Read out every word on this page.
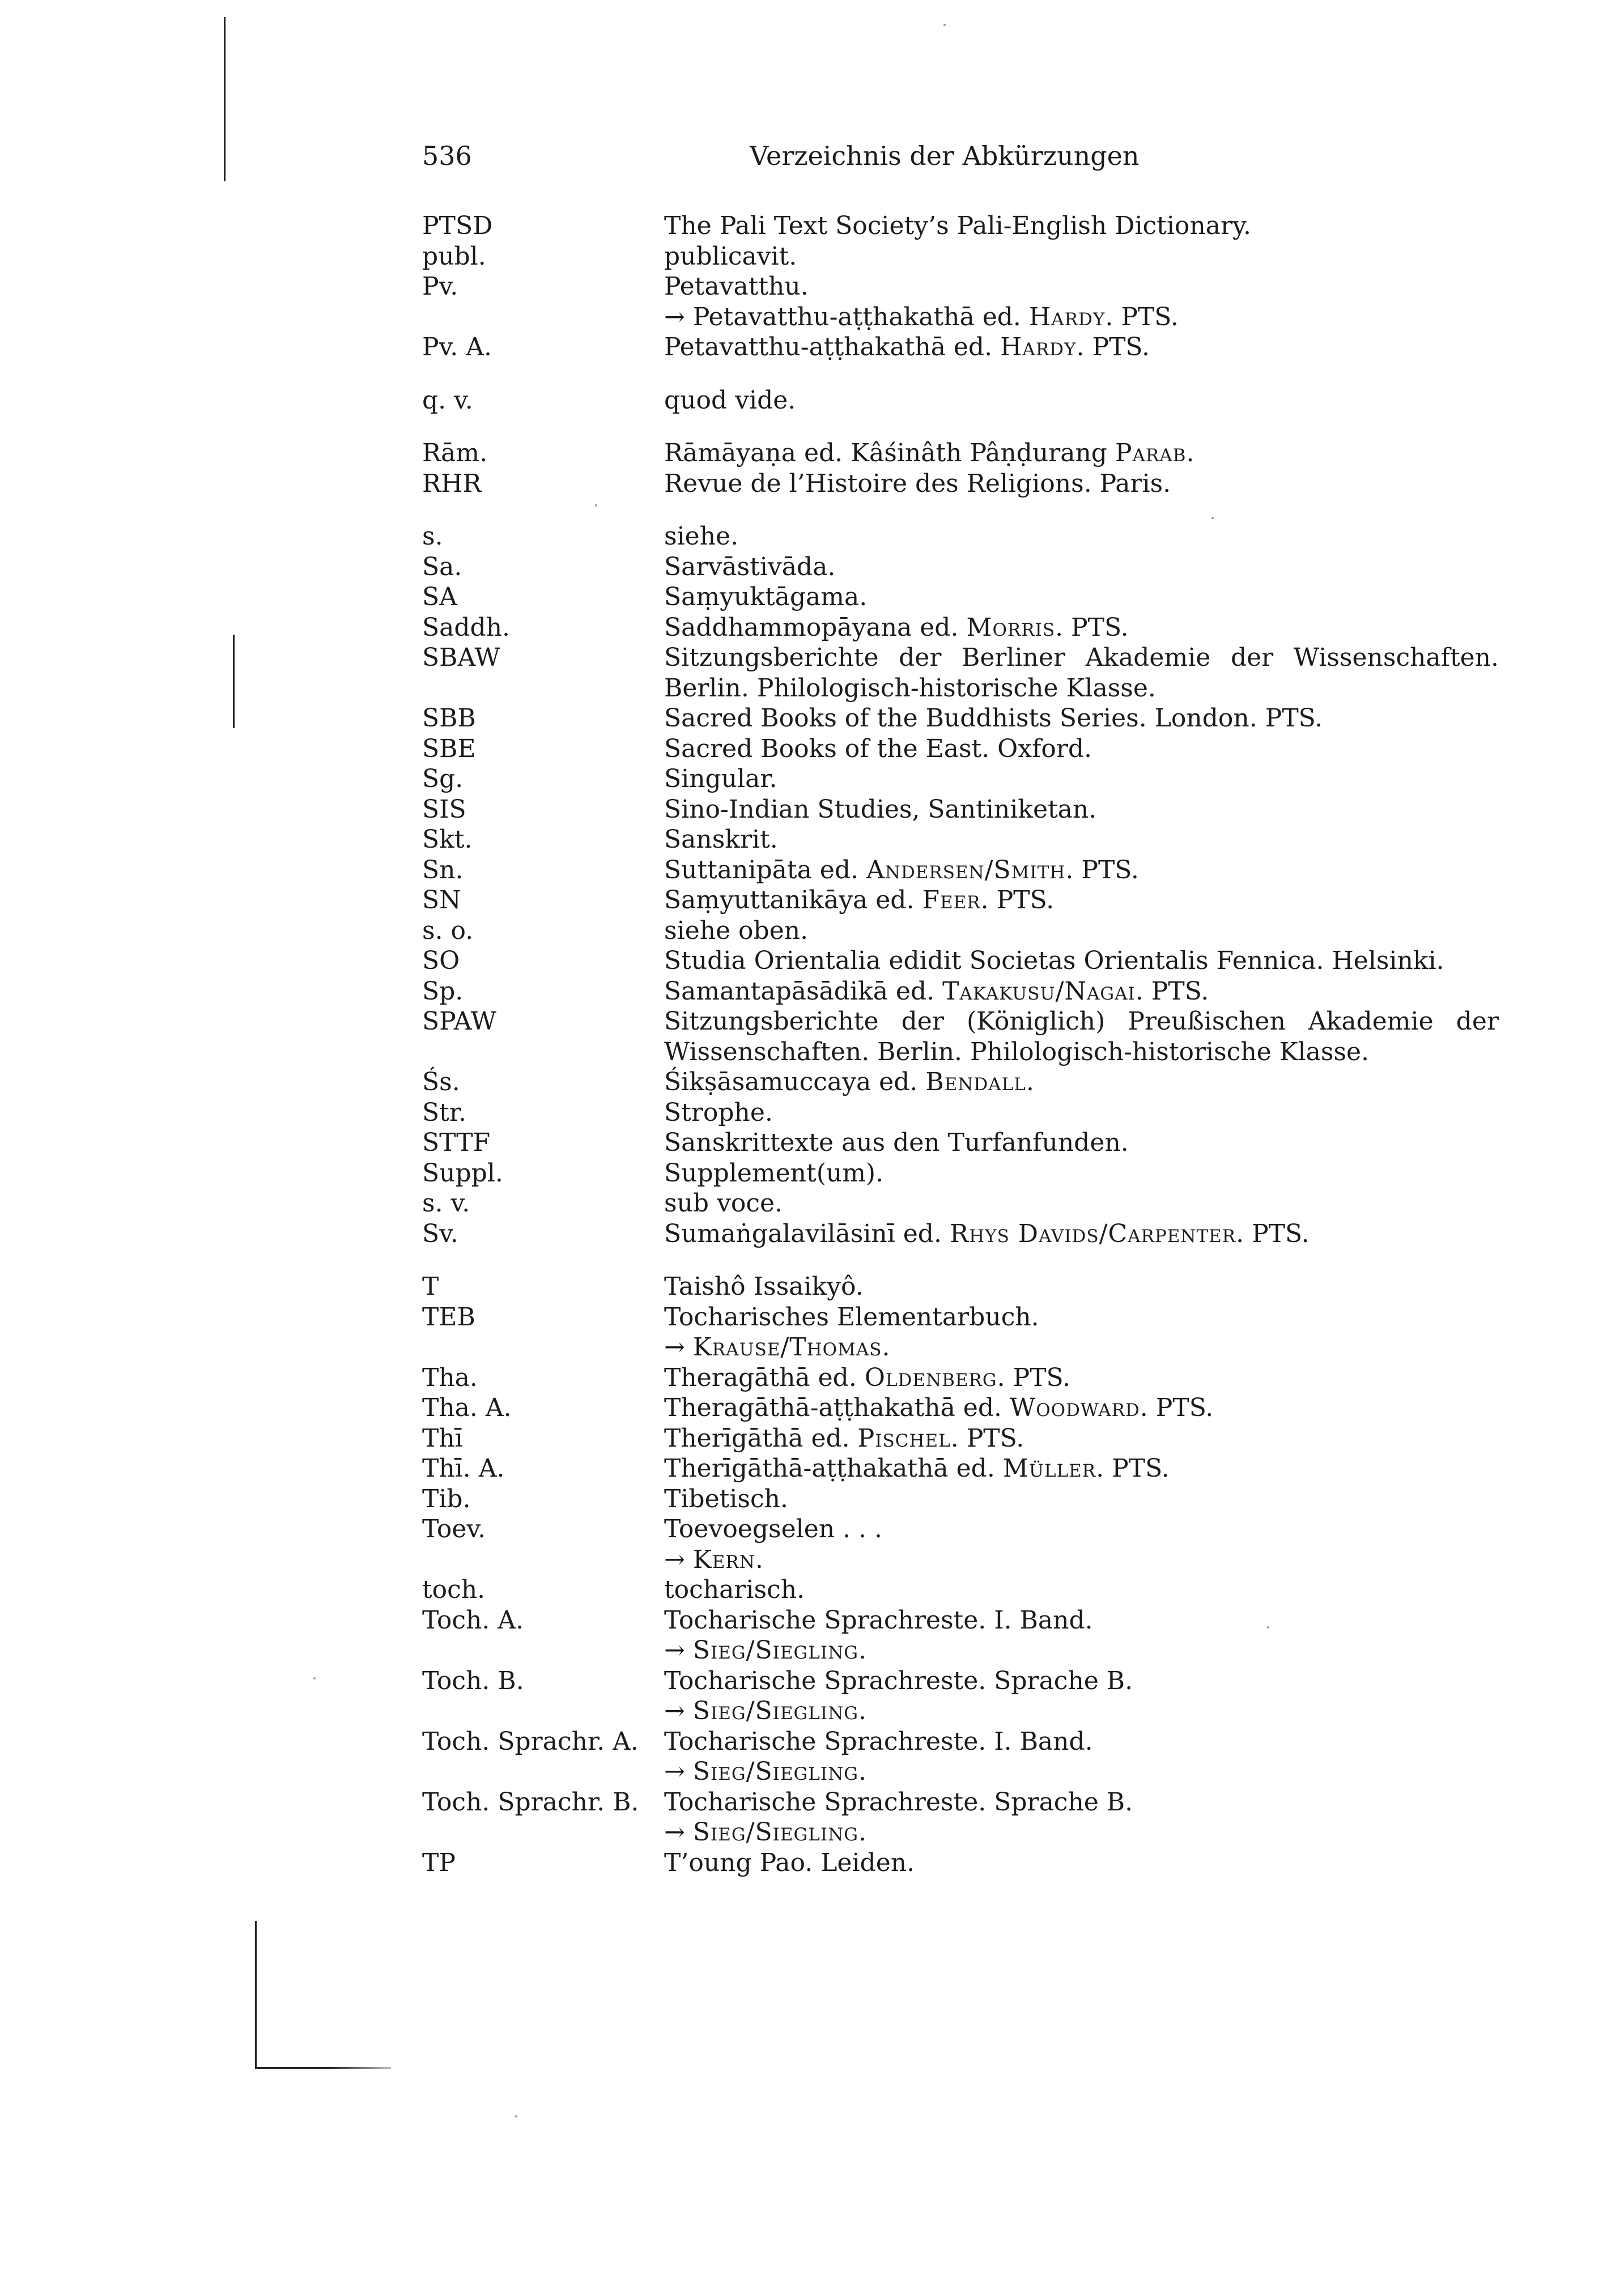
536	Verzeichnis der Abkürzungen
PTSD	The Pali Text Society’s Pali-English Dictionary.
publ.	publicavit.
Pv.	Petavatthu.
→ Petavatthu-aṭṭhakathā ed. Hardy. PTS.
Pv. A.	Petavatthu-aṭṭhakathā ed. Hardy. PTS.
q. v.	quod vide.
Rām.	Rāmāyaṇa ed. Kâśinâth Pâṇḍurang Parab.
RHR	Revue de l’Histoire des Religions. Paris.
s.	siehe.
Sa.	Sarvāstivāda.
SA	Saṃyuktāgama.
Saddh.	Saddhammopāyana ed. Morris. PTS.
SBAW	Sitzungsberichte der Berliner Akademie der Wissenschaften. Berlin. Philologisch-historische Klasse.
SBB	Sacred Books of the Buddhists Series. London. PTS.
SBE	Sacred Books of the East. Oxford.
Sg.	Singular.
SIS	Sino-Indian Studies, Santiniketan.
Skt.	Sanskrit.
Sn.	Suttanipāta ed. Andersen/Smith. PTS.
SN	Saṃyuttanikāya ed. Feer. PTS.
s. o.	siehe oben.
SO	Studia Orientalia edidit Societas Orientalis Fennica. Helsinki.
Sp.	Samantapāsādikā ed. Takakusu/Nagai. PTS.
SPAW	Sitzungsberichte der (Königlich) Preußischen Akademie der Wissenschaften. Berlin. Philologisch-historische Klasse.
Śs.	Śikṣāsamuccaya ed. Bendall.
Str.	Strophe.
STTF	Sanskrittexte aus den Turfanfunden.
Suppl.	Supplement(um).
s. v.	sub voce.
Sv.	Sumaṅgalavilāsinī ed. Rhys Davids/Carpenter. PTS.
T	Taishô Issaikyô.
TEB	Tocharisches Elementarbuch.
→ Krause/Thomas.
Tha.	Theragāthā ed. Oldenberg. PTS.
Tha. A.	Theragāthā-aṭṭhakathā ed. Woodward. PTS.
Thī	Therīgāthā ed. Pischel. PTS.
Thī. A.	Therīgāthā-aṭṭhakathā ed. Müller. PTS.
Tib.	Tibetisch.
Toev.	Toevoegselen . . .
→ Kern.
toch.	tocharisch.
Toch. A.	Tocharische Sprachreste. I. Band.
→ Sieg/Siegling.
Toch. B.	Tocharische Sprachreste. Sprache B.
→ Sieg/Siegling.
Toch. Sprachr. A.	Tocharische Sprachreste. I. Band.
→ Sieg/Siegling.
Toch. Sprachr. B.	Tocharische Sprachreste. Sprache B.
→ Sieg/Siegling.
TP	T’oung Pao. Leiden.
